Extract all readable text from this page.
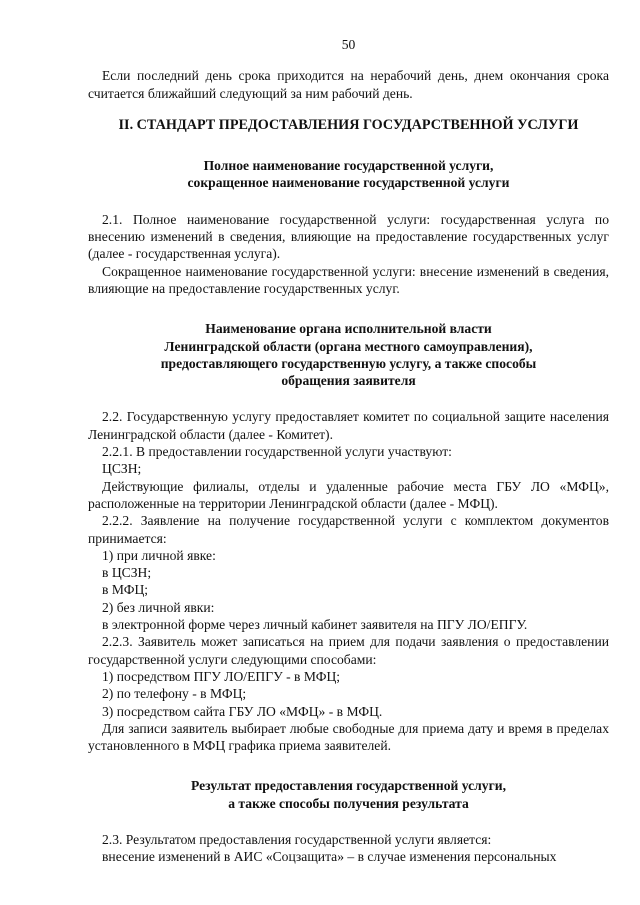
50

Если последний день срока приходится на нерабочий день, днем окончания срока считается ближайший следующий за ним рабочий день.

II. СТАНДАРТ ПРЕДОСТАВЛЕНИЯ ГОСУДАРСТВЕННОЙ УСЛУГИ
Полное наименование государственной услуги,
сокращенное наименование государственной услуги

2.1. Полное наименование государственной услуги: государственная услуга по внесению изменений в сведения, влияющие на предоставление государственных услуг (далее - государственная услуга).

Сокращенное наименование государственной услуги: внесение изменений в сведения, влияющие на предоставление государственных услуг.

Наименование органа исполнительной власти
Ленинградской области (органа местного самоуправления),
предоставляющего государственную услугу, а также способы
обращения заявителя

2.2. Государственную услугу предоставляет комитет по социальной защите населения Ленинградской области (далее - Комитет).

2.2.1. В предоставлении государственной услуги участвуют:

ЦСЗН;

Действующие филиалы, отделы и удаленные рабочие места ГБУ ЛО «МФЦ», расположенные на территории Ленинградской области (далее - МФЦ).

2.2.2. Заявление на получение государственной услуги с комплектом документов принимается:

1) при личной явке:

в ЦСЗН;

в МФЦ;

2) без личной явки:

в электронной форме через личный кабинет заявителя на ПГУ ЛО/ЕПГУ.

2.2.3. Заявитель может записаться на прием для подачи заявления о предоставлении государственной услуги следующими способами:

1) посредством ПГУ ЛО/ЕПГУ - в МФЦ;

2) по телефону - в МФЦ;

3) посредством сайта ГБУ ЛО «МФЦ» - в МФЦ.

Для записи заявитель выбирает любые свободные для приема дату и время в пределах установленного в МФЦ графика приема заявителей.

Результат предоставления государственной услуги,
а также способы получения результата

2.3. Результатом предоставления государственной услуги является:

внесение изменений в АИС «Соцзащита» – в случае изменения персональных
